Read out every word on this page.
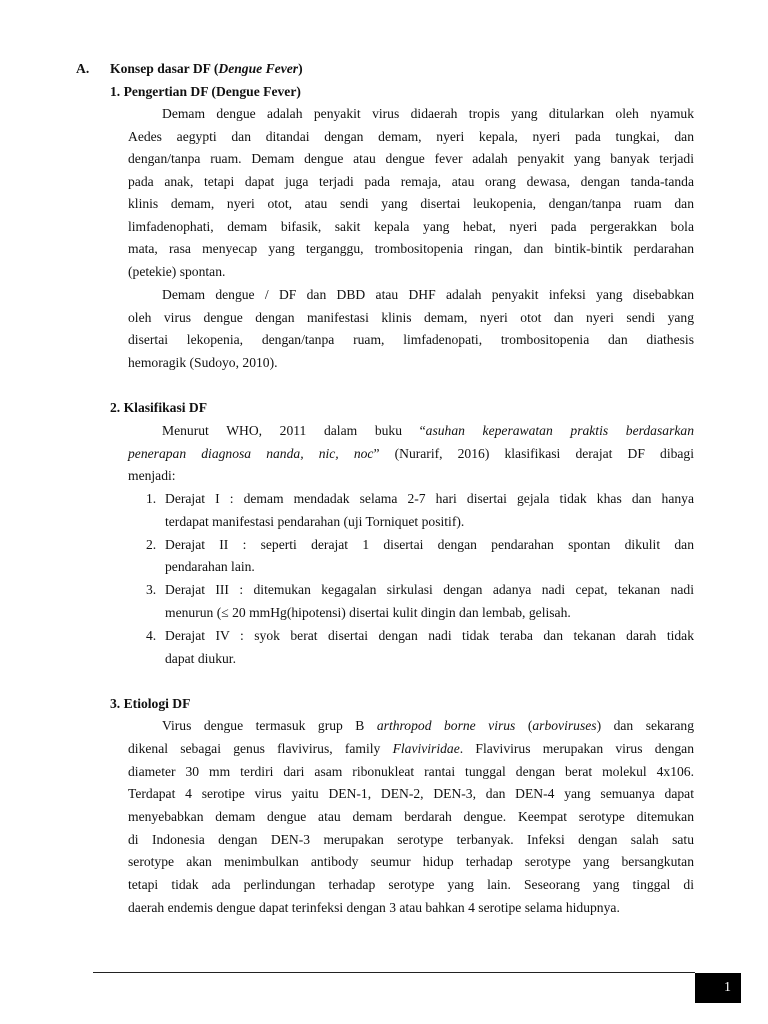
A. Konsep dasar DF (Dengue Fever)
1. Pengertian DF (Dengue Fever)
Demam dengue adalah penyakit virus didaerah tropis yang ditularkan oleh nyamuk
Aedes aegypti dan ditandai dengan demam, nyeri kepala, nyeri pada tungkai, dan
dengan/tanpa ruam. Demam dengue atau dengue fever adalah penyakit yang banyak terjadi
pada anak, tetapi dapat juga terjadi pada remaja, atau orang dewasa, dengan tanda-tanda
klinis demam, nyeri otot, atau sendi yang disertai leukopenia, dengan/tanpa ruam dan
limfadenophati, demam bifasik, sakit kepala yang hebat, nyeri pada pergerakkan bola
mata, rasa menyecap yang terganggu, trombositopenia ringan, dan bintik-bintik perdarahan
(petekie) spontan.
Demam dengue / DF dan DBD atau DHF adalah penyakit infeksi yang disebabkan
oleh virus dengue dengan manifestasi klinis demam, nyeri otot dan nyeri sendi yang
disertai lekopenia, dengan/tanpa ruam, limfadenopati, trombositopenia dan diathesis
hemoragik (Sudoyo, 2010).
2. Klasifikasi DF
Menurut WHO, 2011 dalam buku “asuhan keperawatan praktis berdasarkan
penerapan diagnosa nanda, nic, noc” (Nurarif, 2016) klasifikasi derajat DF dibagi
menjadi:
1. Derajat I : demam mendadak selama 2-7 hari disertai gejala tidak khas dan hanya
terdapat manifestasi pendarahan (uji Torniquet positif).
2. Derajat II : seperti derajat 1 disertai dengan pendarahan spontan dikulit dan
pendarahan lain.
3. Derajat III : ditemukan kegagalan sirkulasi dengan adanya nadi cepat, tekanan nadi
menurun (≤ 20 mmHg(hipotensi) disertai kulit dingin dan lembab, gelisah.
4. Derajat IV : syok berat disertai dengan nadi tidak teraba dan tekanan darah tidak
dapat diukur.
3. Etiologi DF
Virus dengue termasuk grup B arthropod borne virus (arboviruses) dan sekarang
dikenal sebagai genus flavivirus, family Flaviviridae. Flavivirus merupakan virus dengan
diameter 30 mm terdiri dari asam ribonukleat rantai tunggal dengan berat molekul 4x106.
Terdapat 4 serotipe virus yaitu DEN-1, DEN-2, DEN-3, dan DEN-4 yang semuanya dapat
menyebabkan demam dengue atau demam berdarah dengue. Keempat serotype ditemukan
di Indonesia dengan DEN-3 merupakan serotype terbanyak. Infeksi dengan salah satu
serotype akan menimbulkan antibody seumur hidup terhadap serotype yang bersangkutan
tetapi tidak ada perlindungan terhadap serotype yang lain. Seseorang yang tinggal di
daerah endemis dengue dapat terinfeksi dengan 3 atau bahkan 4 serotipe selama hidupnya.
1
